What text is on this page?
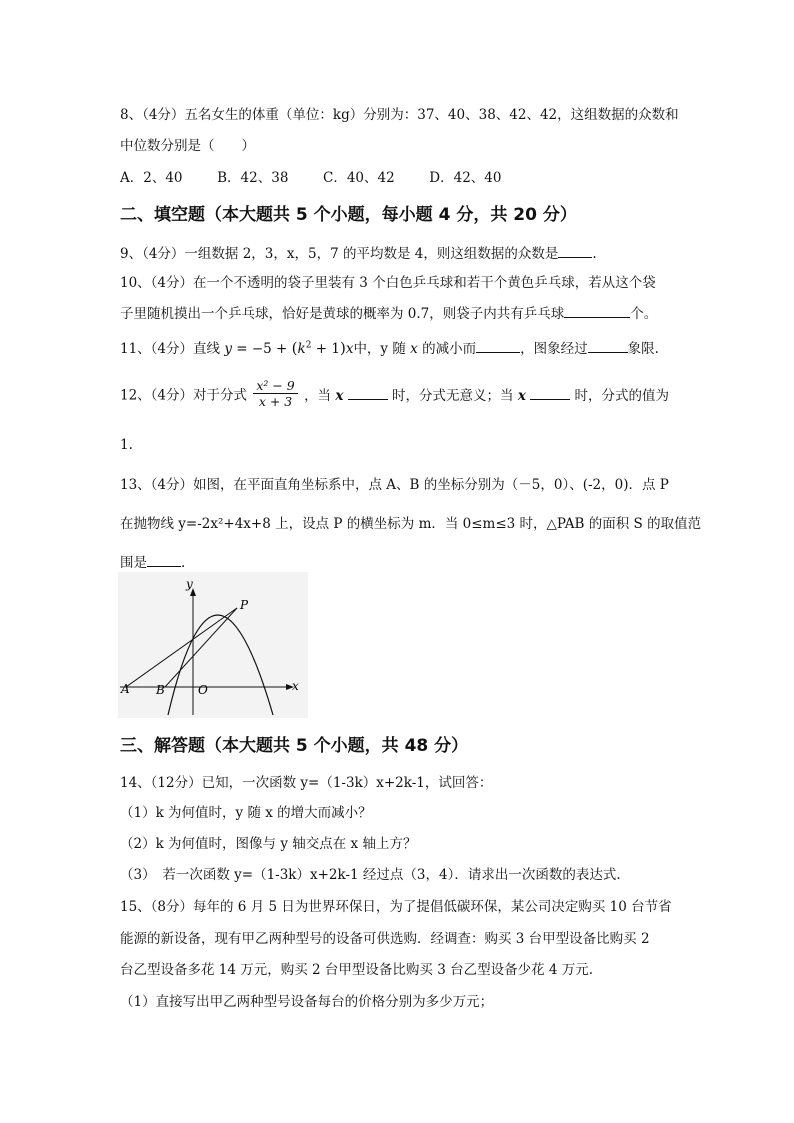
8、（4分）五名女生的体重（单位：kg）分别为：37、40、38、42、42，这组数据的众数和
中位数分别是（　　）
A．2、40	B．42、38	C．40、42	D．42、40
二、填空题（本大题共 5 个小题，每小题 4 分，共 20 分）
9、（4分）一组数据 2，3，x，5，7 的平均数是 4，则这组数据的众数是	.
10、（4分）在一个不透明的袋子里装有 3 个白色乒乓球和若干个黄色乒乓球，若从这个袋
子里随机摸出一个乒乓球，恰好是黄球的概率为 0.7，则袋子内共有乒乓球	个。
11、（4分）直线 $y = -5 + (k^2 + 1)x$中，y 随 x 的减小而	，图象经过	象限.
12、（4分）对于分式 $\frac{\text{x² − 9}}{x + 3}$ ，当 x	时，分式无意义；当 x	时，分式的值为
1.
13、（4分）如图，在平面直角坐标系中，点 A、B 的坐标分别为（－5，0）、(-2，0)．点 P
在抛物线 y=-2x²+4x+8 上，设点 P 的横坐标为 m．当 0≤m≤3 时，△PAB 的面积 S 的取值范
围是	.
y
x
P
A B	O
三、解答题（本大题共 5 个小题，共 48 分）
14、（12分）已知，一次函数 y=（1-3k）x+2k-1，试回答：
（1）k 为何值时，y 随 x 的增大而减小？
（2）k 为何值时，图像与 y 轴交点在 x 轴上方？
（3）　若一次函数 y=（1-3k）x+2k-1 经过点（3，4）．请求出一次函数的表达式.
15、（8分）每年的 6 月 5 日为世界环保日，为了提倡低碳环保，某公司决定购买 10 台节省
能源的新设备，现有甲乙两种型号的设备可供选购．经调查：购买 3 台甲型设备比购买 2
台乙型设备多花 14 万元，购买 2 台甲型设备比购买 3 台乙型设备少花 4 万元.
（1）直接写出甲乙两种型号设备每台的价格分别为多少万元；
